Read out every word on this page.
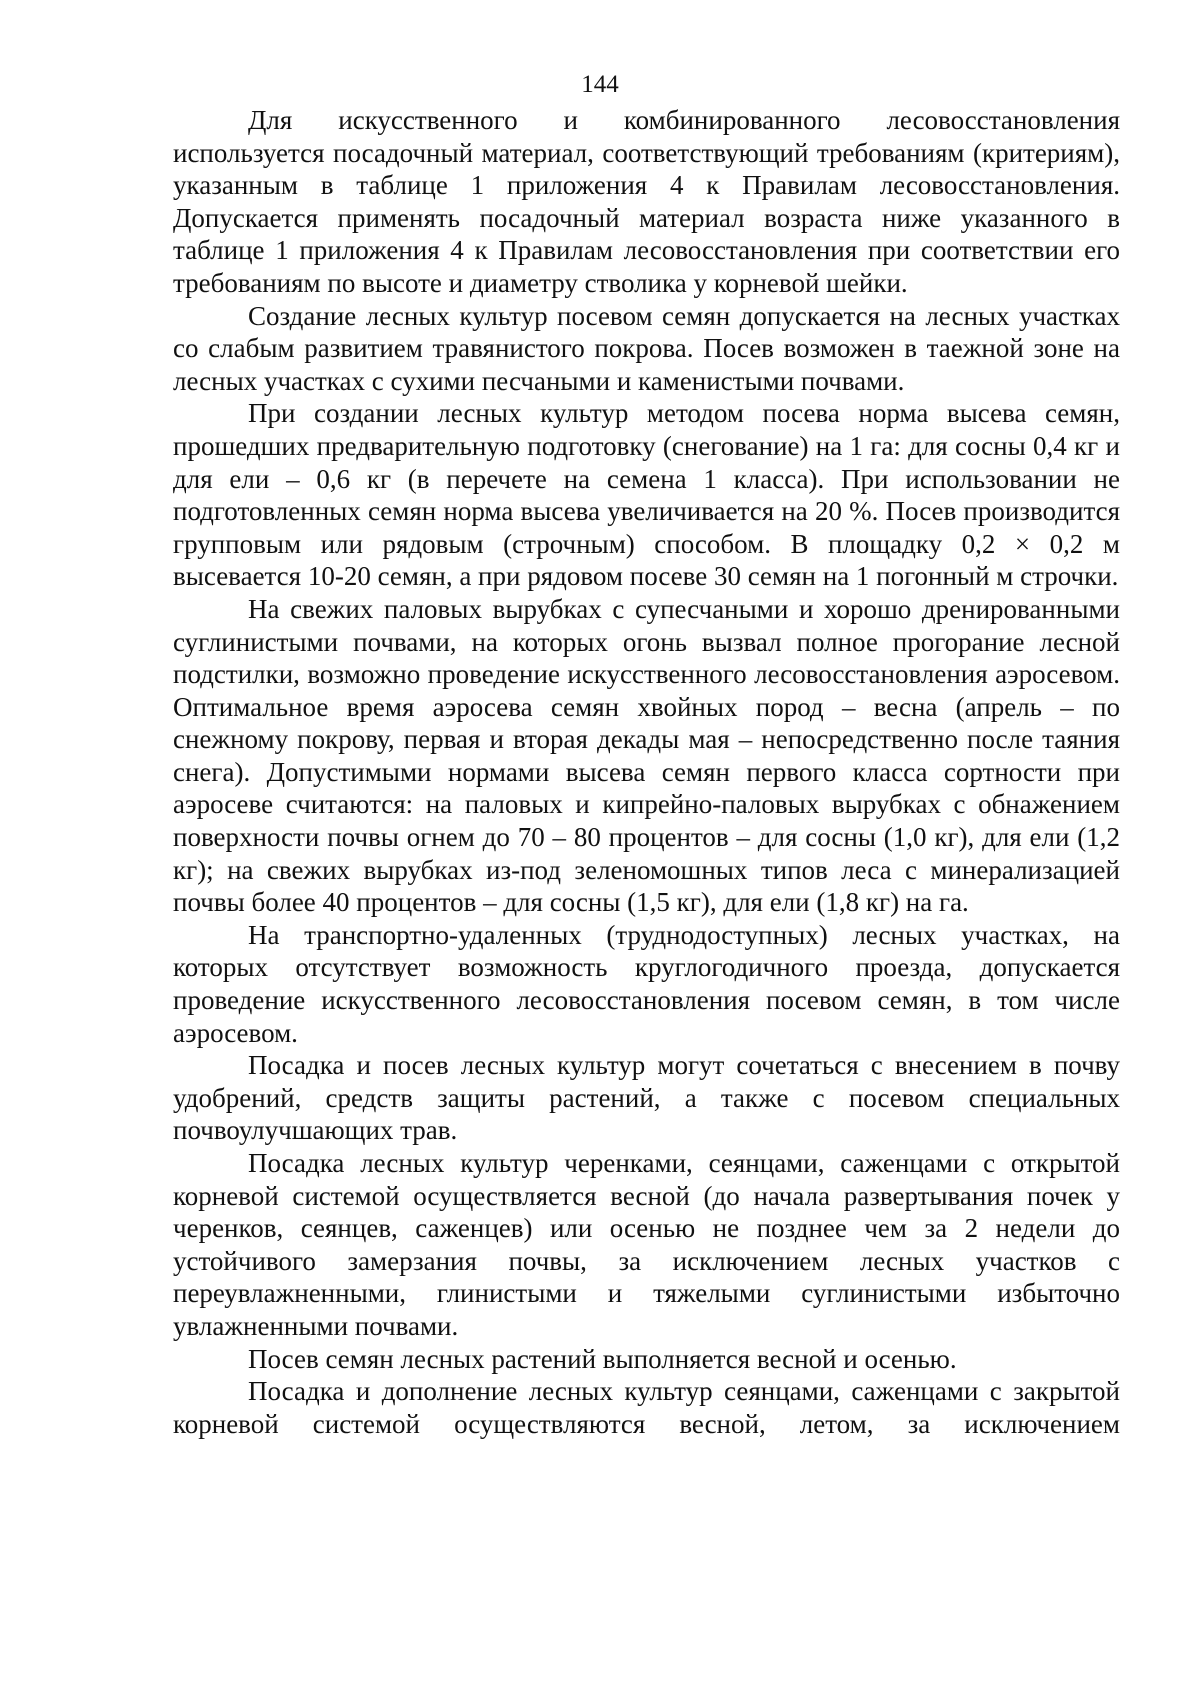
144

Для искусственного и комбинированного лесовосстановления используется посадочный материал, соответствующий требованиям (критериям), указанным в таблице 1 приложения 4 к Правилам лесовосстановления. Допускается применять посадочный материал возраста ниже указанного в таблице 1 приложения 4 к Правилам лесовосстановления при соответствии его требованиям по высоте и диаметру стволика у корневой шейки.

Создание лесных культур посевом семян допускается на лесных участках со слабым развитием травянистого покрова. Посев возможен в таежной зоне на лесных участках с сухими песчаными и каменистыми почвами.

При создании лесных культур методом посева норма высева семян, прошедших предварительную подготовку (снегование) на 1 га: для сосны 0,4 кг и для ели – 0,6 кг (в перечете на семена 1 класса). При использовании не подготовленных семян норма высева увеличивается на 20 %. Посев производится групповым или рядовым (строчным) способом. В площадку 0,2 × 0,2 м высевается 10-20 семян, а при рядовом посеве 30 семян на 1 погонный м строчки.

На свежих паловых вырубках с супесчаными и хорошо дренированными суглинистыми почвами, на которых огонь вызвал полное прогорание лесной подстилки, возможно проведение искусственного лесовосстановления аэросевом. Оптимальное время аэросева семян хвойных пород – весна (апрель – по снежному покрову, первая и вторая декады мая – непосредственно после таяния снега). Допустимыми нормами высева семян первого класса сортности при аэросеве считаются: на паловых и кипрейно-паловых вырубках с обнажением поверхности почвы огнем до 70 – 80 процентов – для сосны (1,0 кг), для ели (1,2 кг); на свежих вырубках из-под зеленомошных типов леса с минерализацией почвы более 40 процентов – для сосны (1,5 кг), для ели (1,8 кг) на га.

На транспортно-удаленных (труднодоступных) лесных участках, на которых отсутствует возможность круглогодичного проезда, допускается проведение искусственного лесовосстановления посевом семян, в том числе аэросевом.

Посадка и посев лесных культур могут сочетаться с внесением в почву удобрений, средств защиты растений, а также с посевом специальных почвоулучшающих трав.

Посадка лесных культур черенками, сеянцами, саженцами с открытой корневой системой осуществляется весной (до начала развертывания почек у черенков, сеянцев, саженцев) или осенью не позднее чем за 2 недели до устойчивого замерзания почвы, за исключением лесных участков с переувлажненными, глинистыми и тяжелыми суглинистыми избыточно увлажненными почвами.

Посев семян лесных растений выполняется весной и осенью.

Посадка и дополнение лесных культур сеянцами, саженцами с закрытой корневой системой осуществляются весной, летом, за исключением
